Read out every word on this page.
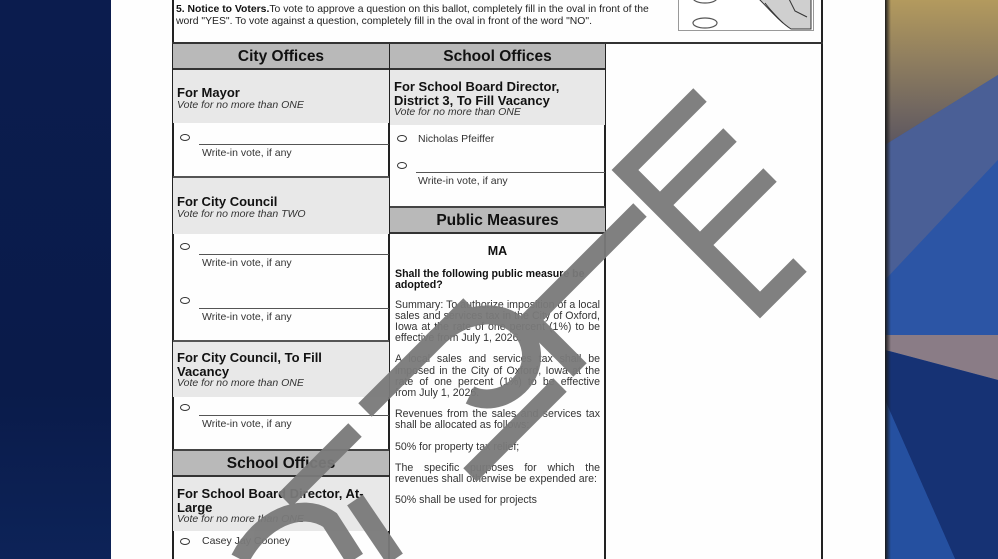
5. Notice to Voters.To vote to approve a question on this ballot, completely fill in the oval in front of the word "YES". To vote against a question, completely fill in the oval in front of the word "NO".
City Offices
For Mayor
Vote for no more than ONE
Write-in vote, if any
For City Council
Vote for no more than TWO
Write-in vote, if any
Write-in vote, if any
For City Council, To Fill Vacancy
Vote for no more than ONE
Write-in vote, if any
School Offices
For School Board Director, At-Large
Vote for no more than ONE
Casey Jay Cooney
School Offices
For School Board Director, District 3, To Fill Vacancy
Vote for no more than ONE
Nicholas Pfeiffer
Write-in vote, if any
Public Measures
MA
Shall the following public measure be adopted?

Summary: To authorize imposition of a local sales and services tax in the City of Oxford, Iowa at the rate of one percent (1%) to be effective from July 1, 2026.

A local sales and services tax shall be imposed in the City of Oxford, Iowa at the rate of one percent (1%) to be effective from July 1, 2026.

Revenues from the sales and services tax shall be allocated as follows:

50% for property tax relief;

The specific purposes for which the revenues shall otherwise be expended are:

50% shall be used for projects
